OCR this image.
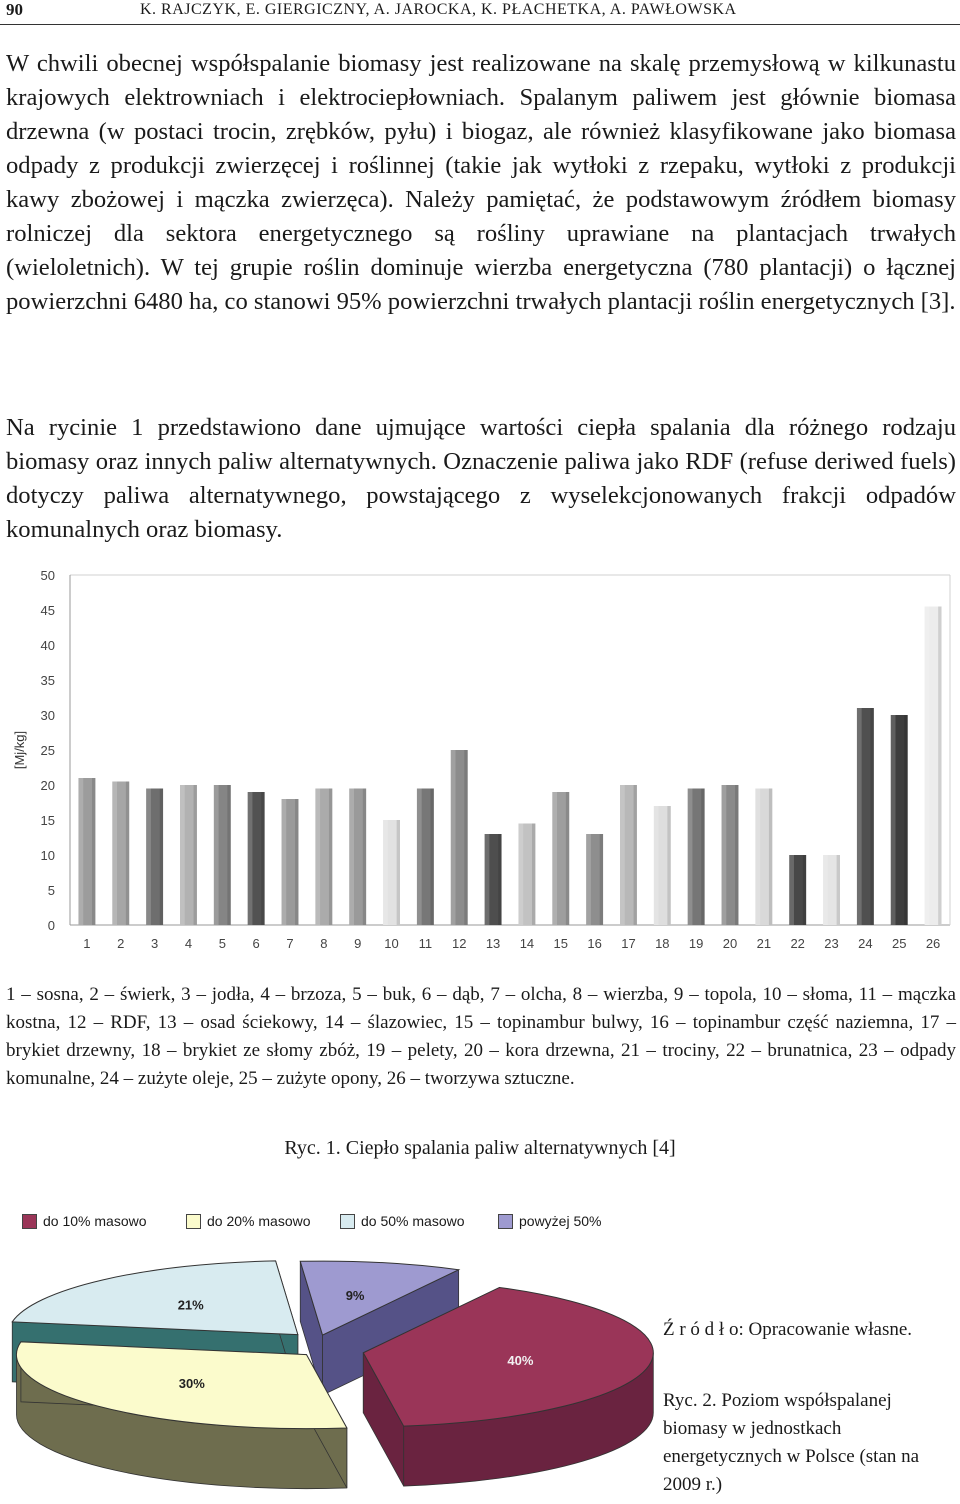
90	K. RAJCZYK, E. GIERGICZNY, A. JAROCKA, K. PŁACHETKA, A. PAWŁOWSKA

W chwili obecnej współspalanie biomasy jest realizowane na skalę przemysłową w kilkunastu krajowych elektrowniach i elektrociepłowniach. Spalanym paliwem jest głównie biomasa drzewna (w postaci trocin, zrębków, pyłu) i biogaz, ale również klasyfikowane jako biomasa odpady z produkcji zwierzęcej i roślinnej (takie jak wytłoki z rzepaku, wytłoki z produkcji kawy zbożowej i mączka zwierzęca). Należy pamiętać, że podstawowym źródłem biomasy rolniczej dla sektora energetycznego są rośliny uprawiane na plantacjach trwałych (wieloletnich). W tej grupie roślin dominuje wierzba energetyczna (780 plantacji) o łącznej powierzchni 6480 ha, co stanowi 95% powierzchni trwałych plantacji roślin energetycznych [3].

Na rycinie 1 przedstawiono dane ujmujące wartości ciepła spalania dla różnego rodzaju biomasy oraz innych paliw alternatywnych. Oznaczenie paliwa jako RDF (refuse deriwed fuels) dotyczy paliwa alternatywnego, powstającego z wyselekcjonowanych frakcji odpadów komunalnych oraz biomasy.

0
5
10
15
20
25
30
35
40
45
50
1 2 3 4 5 6 7 8 9 10 11 12 13 14 15 16 17 18 19 20 21 22 23 24 25 26
[Mj/kg]

1 – sosna, 2 – świerk, 3 – jodła, 4 – brzoza, 5 – buk, 6 – dąb, 7 – olcha, 8 – wierzba, 9 – topola, 10 – słoma, 11 – mączka kostna, 12 – RDF, 13 – osad ściekowy, 14 – ślazowiec, 15 – topinambur bulwy, 16 – topinambur część naziemna, 17 – brykiet drzewny, 18 – brykiet ze słomy zbóż, 19 – pelety, 20 – kora drzewna, 21 – trociny, 22 – brunatnica, 23 – odpady komunalne, 24 – zużyte oleje, 25 – zużyte opony, 26 – tworzywa sztuczne.

Ryc. 1. Ciepło spalania paliw alternatywnych [4]
do 10% masowo	do 20% masowo	do 50% masowo	powyżej 50%
9%
21%
40%
30%
Ź r ó d ł o: Opracowanie własne.
Ryc. 2. Poziom współspalanej biomasy w jednostkach energetycznych w Polsce (stan na 2009 r.)
